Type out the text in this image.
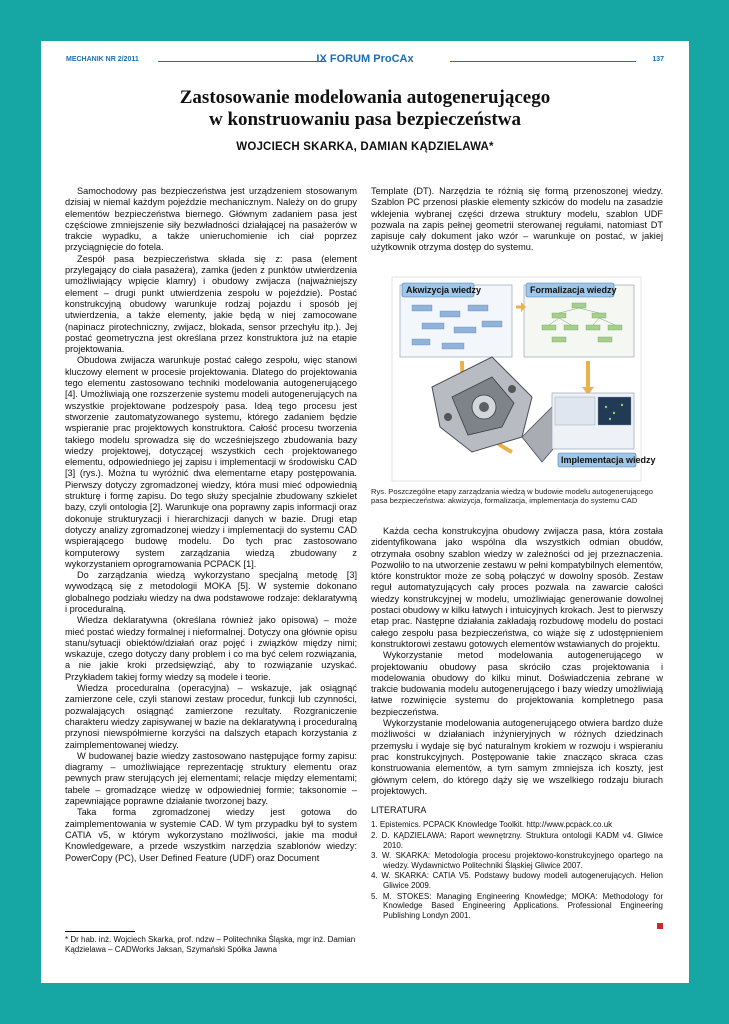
MECHANIK NR 2/2011	IX FORUM ProCAx	137
Zastosowanie modelowania autogenerującego
w konstruowaniu pasa bezpieczeństwa
WOJCIECH SKARKA, DAMIAN KĄDZIELAWA*

Samochodowy pas bezpieczeństwa jest urządzeniem stosowanym dzisiaj w niemal każdym pojeździe mechanicznym. Należy on do grupy elementów bezpieczeństwa biernego. Głównym zadaniem pasa jest częściowe zmniejszenie siły bezwładności działającej na pasażerów w trakcie wypadku, a także unieruchomienie ich ciał poprzez przyciągnięcie do fotela.

Zespół pasa bezpieczeństwa składa się z: pasa (element przylegający do ciała pasażera), zamka (jeden z punktów utwierdzenia umożliwiający wpięcie klamry) i obudowy zwijacza (najważniejszy element – drugi punkt utwierdzenia zespołu w pojeździe). Postać konstrukcyjną obudowy warunkuje rodzaj pojazdu i sposób jej utwierdzenia, a także elementy, jakie będą w niej zamocowane (napinacz pirotechniczny, zwijacz, blokada, sensor przechyłu itp.). Jej postać geometryczna jest określana przez konstruktora już na etapie projektowania.

Obudowa zwijacza warunkuje postać całego zespołu, więc stanowi kluczowy element w procesie projektowania. Dlatego do projektowania tego elementu zastosowano techniki modelowania autogenerującego [4]. Umożliwiają one rozszerzenie systemu modeli autogenerujących na wszystkie projektowane podzespoły pasa. Ideą tego procesu jest stworzenie zautomatyzowanego systemu, którego zadaniem będzie wspieranie prac projektowych konstruktora. Całość procesu tworzenia takiego modelu sprowadza się do wcześniejszego zbudowania bazy wiedzy projektowej, dotyczącej wszystkich cech projektowanego elementu, odpowiedniego jej zapisu i implementacji w środowisku CAD [3] (rys.). Można tu wyróżnić dwa elementarne etapy postępowania. Pierwszy dotyczy zgromadzonej wiedzy, która musi mieć odpowiednią strukturę i formę zapisu. Do tego służy specjalnie zbudowany szkielet bazy, czyli ontologia [2]. Warunkuje ona poprawny zapis informacji oraz dokonuje strukturyzacji i hierarchizacji danych w bazie. Drugi etap dotyczy analizy zgromadzonej wiedzy i implementacji do systemu CAD wspierającego budowę modelu. Do tych prac zastosowano komputerowy system zarządzania wiedzą zbudowany z wykorzystaniem oprogramowania PCPACK [1].

Do zarządzania wiedzą wykorzystano specjalną metodę [3] wywodzącą się z metodologii MOKA [5]. W systemie dokonano globalnego podziału wiedzy na dwa podstawowe rodzaje: deklaratywną i proceduralną.

Wiedza deklaratywna (określana również jako opisowa) – może mieć postać wiedzy formalnej i nieformalnej. Dotyczy ona głównie opisu stanu/sytuacji obiektów/działań oraz pojęć i związków między nimi; wskazuje, czego dotyczy dany problem i co ma być celem rozwiązania, a nie jakie kroki przedsięwziąć, aby to rozwiązanie uzyskać. Przykładem takiej formy wiedzy są modele i teorie.

Wiedza proceduralna (operacyjna) – wskazuje, jak osiągnąć zamierzone cele, czyli stanowi zestaw procedur, funkcji lub czynności, pozwalających osiągnąć zamierzone rezultaty. Rozgraniczenie charakteru wiedzy zapisywanej w bazie na deklaratywną i proceduralną przynosi niewspółmierne korzyści na dalszych etapach korzystania z zaimplementowanej wiedzy.

W budowanej bazie wiedzy zastosowano następujące formy zapisu: diagramy – umożliwiające reprezentację struktury elementu oraz pewnych praw sterujących jej elementami; relacje między elementami; tabele – gromadzące wiedzę w odpowiedniej formie; taksonomie – zapewniające poprawne działanie tworzonej bazy.

Taka forma zgromadzonej wiedzy jest gotowa do zaimplementowania w systemie CAD. W tym przypadku był to system CATIA v5, w którym wykorzystano możliwości, jakie ma moduł Knowledgeware, a przede wszystkim narzędzia szablonów wiedzy: PowerCopy (PC), User Defined Feature (UDF) oraz Document

Template (DT). Narzędzia te różnią się formą przenoszonej wiedzy. Szablon PC przenosi płaskie elementy szkiców do modelu na zasadzie wklejenia wybranej części drzewa struktury modelu, szablon UDF pozwala na zapis pełnej geometrii sterowanej regułami, natomiast DT zapisuje cały dokument jako wzór – warunkuje on postać, w jakiej użytkownik otrzyma dostęp do systemu.

Akwizycja wiedzy	Formalizacja wiedzy
Implementacja wiedzy
Rys. Poszczególne etapy zarządzania wiedzą w budowie modelu autogenerującego pasa bezpieczeństwa: akwizycja, formalizacja, implementacja do systemu CAD

Każda cecha konstrukcyjna obudowy zwijacza pasa, która została zidentyfikowana jako wspólna dla wszystkich odmian obudów, otrzymała osobny szablon wiedzy w zależności od jej przeznaczenia. Pozwoliło to na utworzenie zestawu w pełni kompatybilnych elementów, które konstruktor może ze sobą połączyć w dowolny sposób. Zestaw reguł automatyzujących cały proces pozwala na zawarcie całości wiedzy konstrukcyjnej w modelu, umożliwiając generowanie dowolnej postaci obudowy w kilku łatwych i intuicyjnych krokach. Jest to pierwszy etap prac. Następne działania zakładają rozbudowę modelu do postaci całego zespołu pasa bezpieczeństwa, co wiąże się z udostępnieniem konstruktorowi zestawu gotowych elementów wstawianych do projektu.

Wykorzystanie metod modelowania autogenerującego w projektowaniu obudowy pasa skróciło czas projektowania i modelowania obudowy do kilku minut. Doświadczenia zebrane w trakcie budowania modelu autogenerującego i bazy wiedzy umożliwiają łatwe rozwinięcie systemu do projektowania kompletnego pasa bezpieczeństwa.

Wykorzystanie modelowania autogenerującego otwiera bardzo duże możliwości w działaniach inżynieryjnych w różnych dziedzinach przemysłu i wydaje się być naturalnym krokiem w rozwoju i wspieraniu prac konstrukcyjnych. Postępowanie takie znacząco skraca czas konstruowania elementów, a tym samym zmniejsza ich koszty, jest głównym celem, do którego dąży się we wszelkiego rodzaju biurach projektowych.

LITERATURA

1. Epistemics. PCPACK Knowledge Toolkit. http://www.pcpack.co.uk
2. D. KĄDZIELAWA: Raport wewnętrzny. Struktura ontologii KADM v4. Gliwice 2010.
3. W. SKARKA: Metodologia procesu projektowo-konstrukcyjnego opartego na wiedzy. Wydawnictwo Politechniki Śląskiej Gliwice 2007.
4. W. SKARKA: CATIA V5. Podstawy budowy modeli autogenerujących. Helion Gliwice 2009.
5. M. STOKES: Managing Engineering Knowledge; MOKA: Methodology for Knowledge Based Engineering Applications. Professional Engineering Publishing Londyn 2001.
* Dr hab. inż. Wojciech Skarka, prof. ndzw – Politechnika Śląska, mgr inż. Damian Kądzielawa – CADWorks Jaksan, Szymański Spółka Jawna
